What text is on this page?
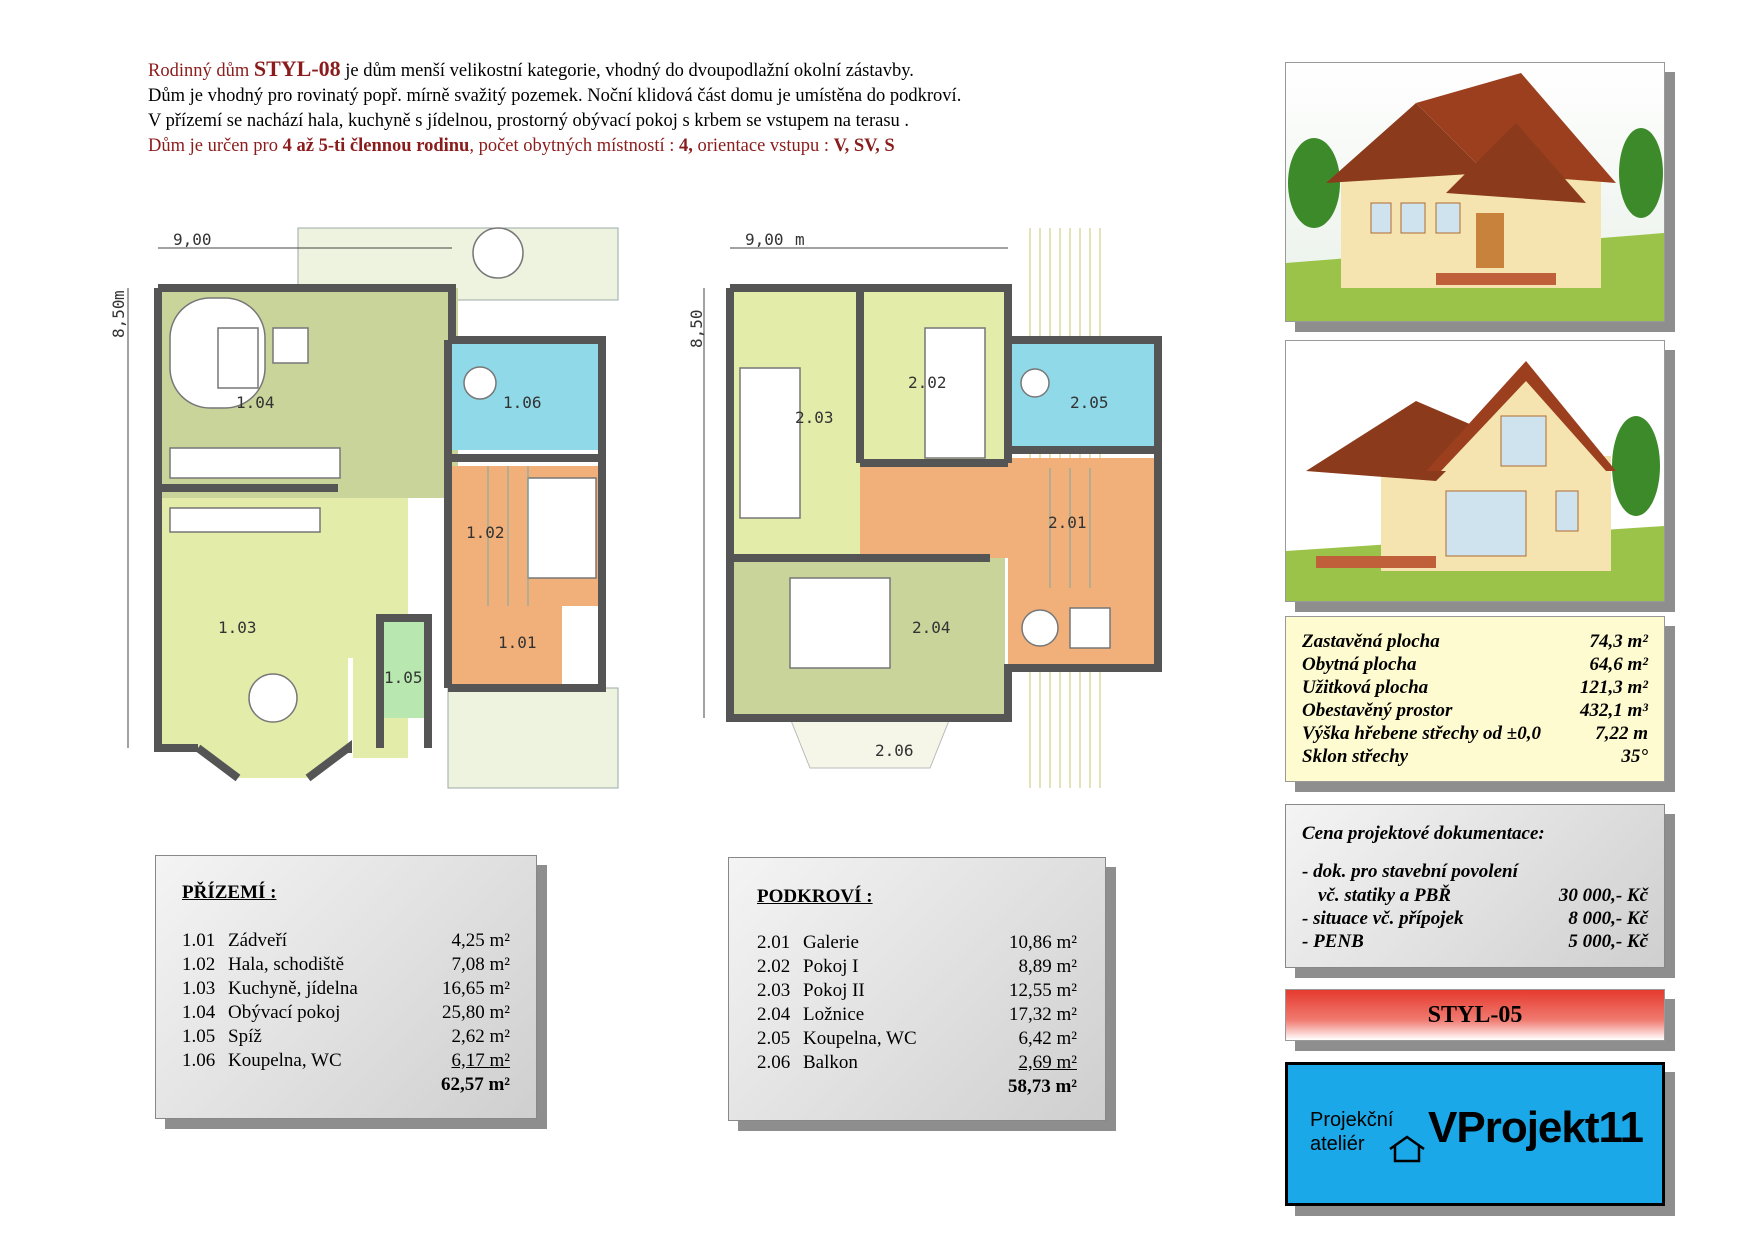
Rodinný dům STYL-08 je dům menší velikostní kategorie, vhodný do dvoupodlažní okolní zástavby.
Dům je vhodný pro rovinatý popř. mírně svažitý pozemek. Noční klidová část domu je umístěna do podkroví.
V přízemí se nachází hala, kuchyně s jídelnou, prostorný obývací pokoj s krbem se vstupem na terasu .
Dům je určen pro 4 až 5-ti člennou rodinu, počet obytných místností : 4, orientace vstupu : V, SV, S
9,00
8,50
m
1.04	1.06
1.02
1.03
1.01
1.05
9,00 m
8,50
2.03
2.02
2.05
2.01
2.04
2.06
PŘÍZEMÍ :
1.01 Zádveří	4,25 m²
1.02 Hala, schodiště	7,08 m²
1.03 Kuchyně, jídelna	16,65 m²
1.04 Obývací pokoj	25,80 m²
1.05 Spíž	2,62 m²
1.06 Koupelna, WC	6,17 m²
62,57 m²
PODKROVÍ :
2.01 Galerie	10,86 m²
2.02 Pokoj I	8,89 m²
2.03 Pokoj II	12,55 m²
2.04 Ložnice	17,32 m²
2.05 Koupelna, WC	6,42 m²
2.06 Balkon	2,69 m²
58,73 m²
Zastavěná plocha	74,3 m²
Obytná plocha	64,6 m²
Užitková plocha	121,3 m²
Obestavěný prostor	432,1 m³
Výška hřebene střechy od ±0,0	7,22 m
Sklon střechy	35°
Cena projektové dokumentace:
- dok. pro stavební povolení
vč. statiky a PBŘ	30 000,- Kč
- situace vč. přípojek	8 000,- Kč
- PENB	5 000,- Kč
STYL-05
Projekční
ateliér VProjekt11
